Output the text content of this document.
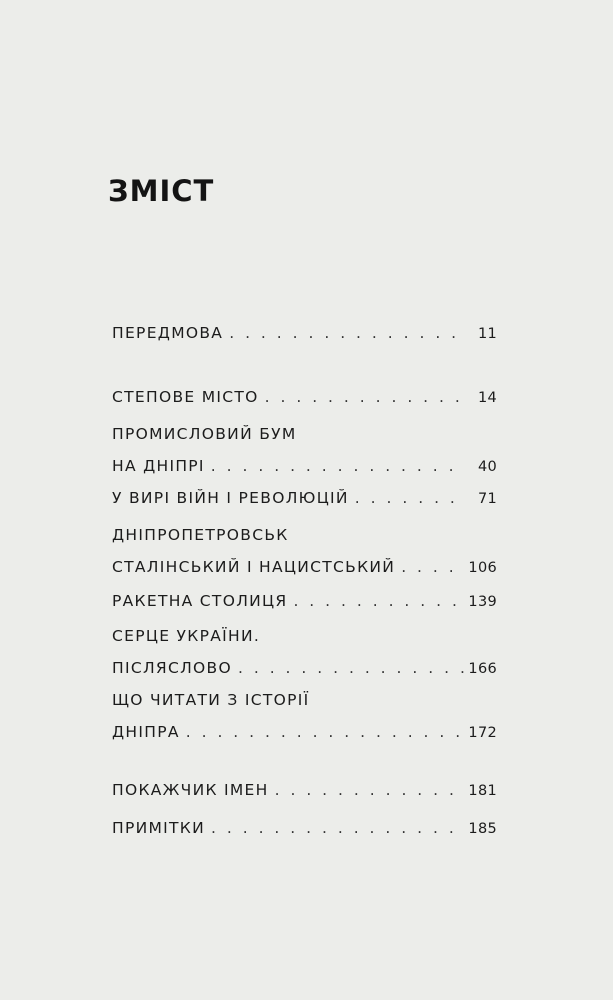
ЗМІСТ
ПЕРЕДМОВА . . .	11
СТЕПОВЕ МІСТО . . .	14
ПРОМИСЛОВИЙ БУМ
НА ДНІПРІ . . .	40
У ВИРІ ВІЙН І РЕВОЛЮЦІЙ . . .	71
ДНІПРОПЕТРОВСЬК
СТАЛІНСЬКИЙ І НАЦИСТСЬКИЙ . . .	106
РАКЕТНА СТОЛИЦЯ . . .	139
СЕРЦЕ УКРАЇНИ.
ПІСЛЯСЛОВО . . .	166
ЩО ЧИТАТИ З ІСТОРІЇ
ДНІПРА . . .	172
ПОКАЖЧИК ІМЕН . . .	181
ПРИМІТКИ . . .	185
